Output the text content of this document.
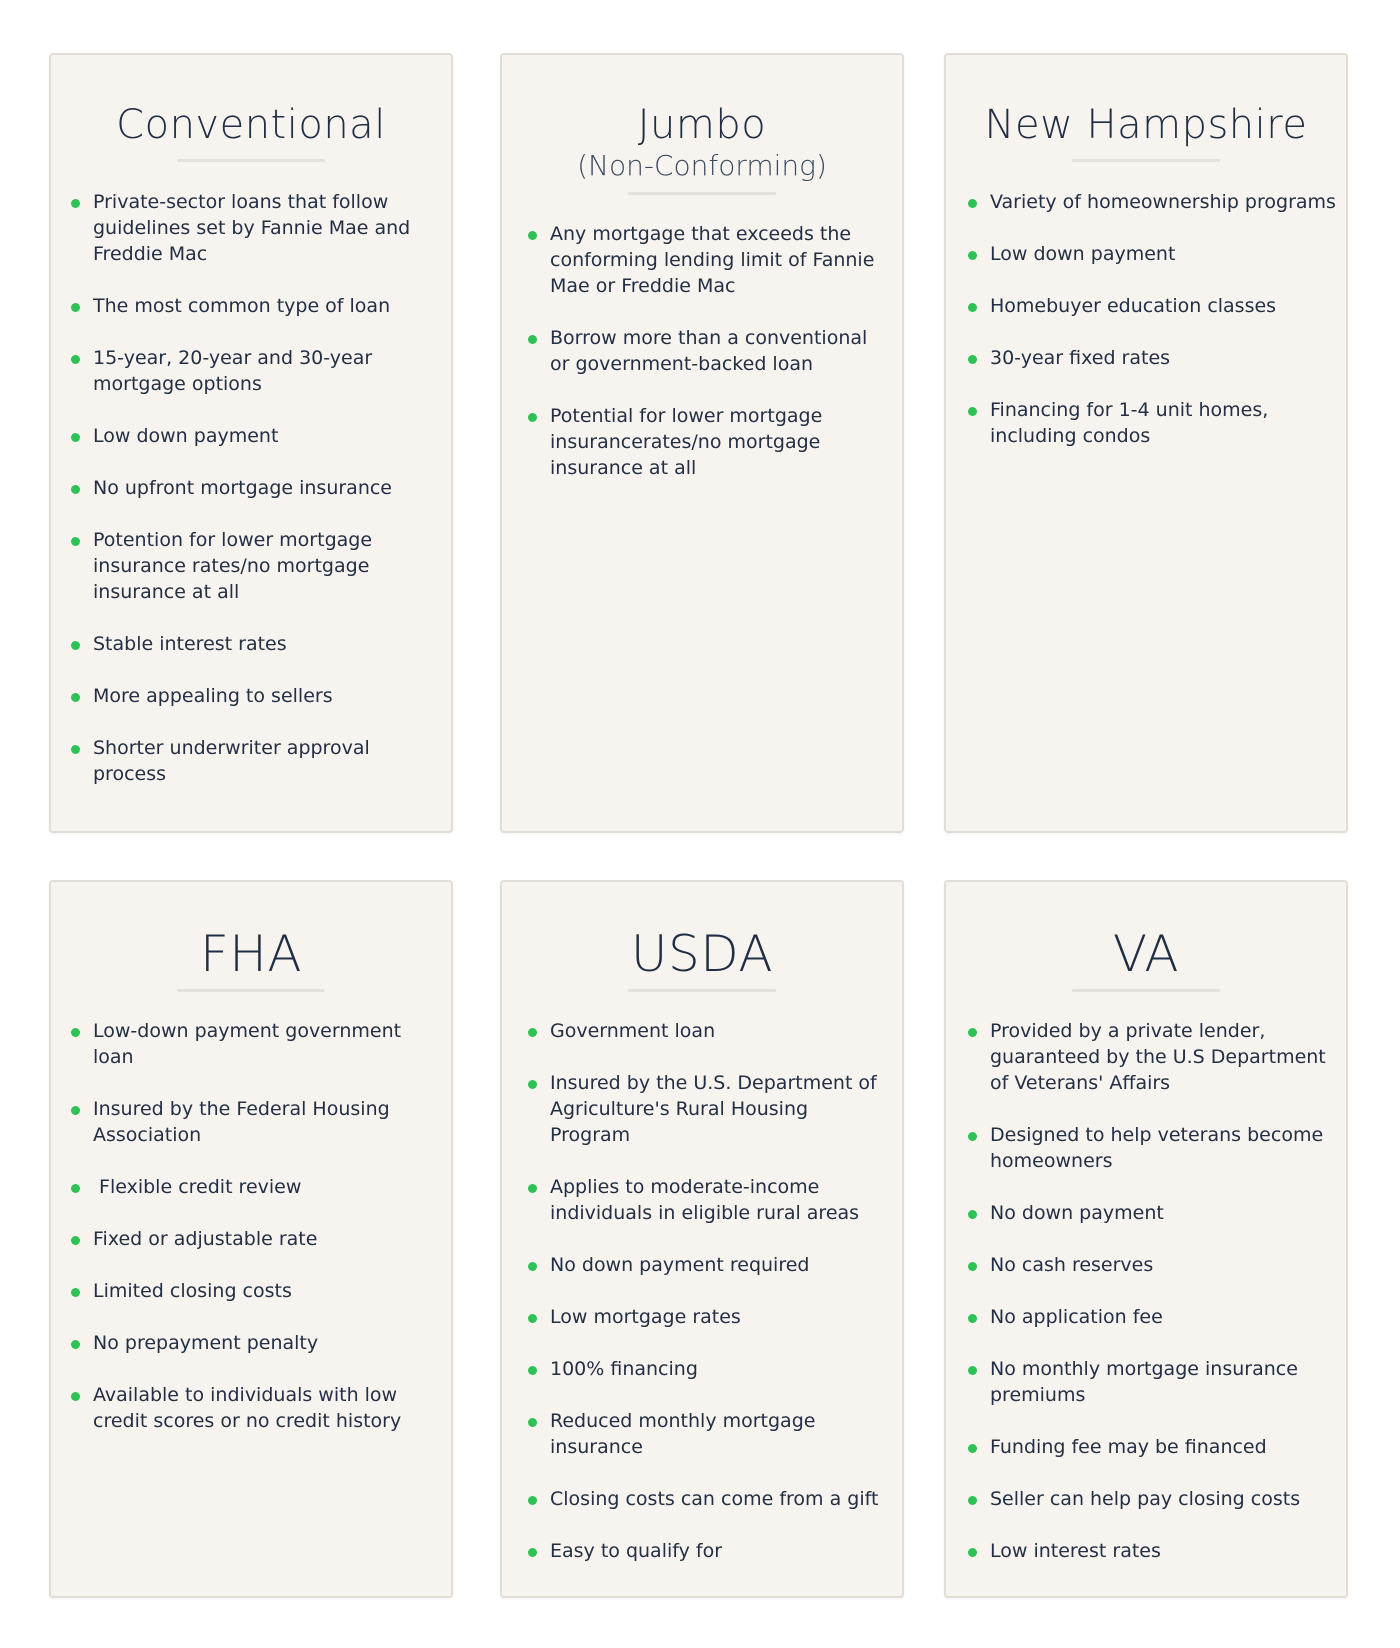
Conventional
Private-sector loans that follow guidelines set by Fannie Mae and Freddie Mac
The most common type of loan
15-year, 20-year and 30-year mortgage options
Low down payment
No upfront mortgage insurance
Potention for lower mortgage insurance rates/no mortgage insurance at all
Stable interest rates
More appealing to sellers
Shorter underwriter approval process
Jumbo
(Non-Conforming)
Any mortgage that exceeds the conforming lending limit of Fannie Mae or Freddie Mac
Borrow more than a conventional or government-backed loan
Potential for lower mortgage insurancerates/no mortgage insurance at all
New Hampshire
Variety of homeownership programs
Low down payment
Homebuyer education classes
30-year fixed rates
Financing for 1-4 unit homes, including condos
FHA
Low-down payment government loan
Insured by the Federal Housing Association
Flexible credit review
Fixed or adjustable rate
Limited closing costs
No prepayment penalty
Available to individuals with low credit scores or no credit history
USDA
Government loan
Insured by the U.S. Department of Agriculture's Rural Housing Program
Applies to moderate-income individuals in eligible rural areas
No down payment required
Low mortgage rates
100% financing
Reduced monthly mortgage insurance
Closing costs can come from a gift
Easy to qualify for
VA
Provided by a private lender, guaranteed by the U.S Department of Veterans' Affairs
Designed to help veterans become homeowners
No down payment
No cash reserves
No application fee
No monthly mortgage insurance premiums
Funding fee may be financed
Seller can help pay closing costs
Low interest rates
